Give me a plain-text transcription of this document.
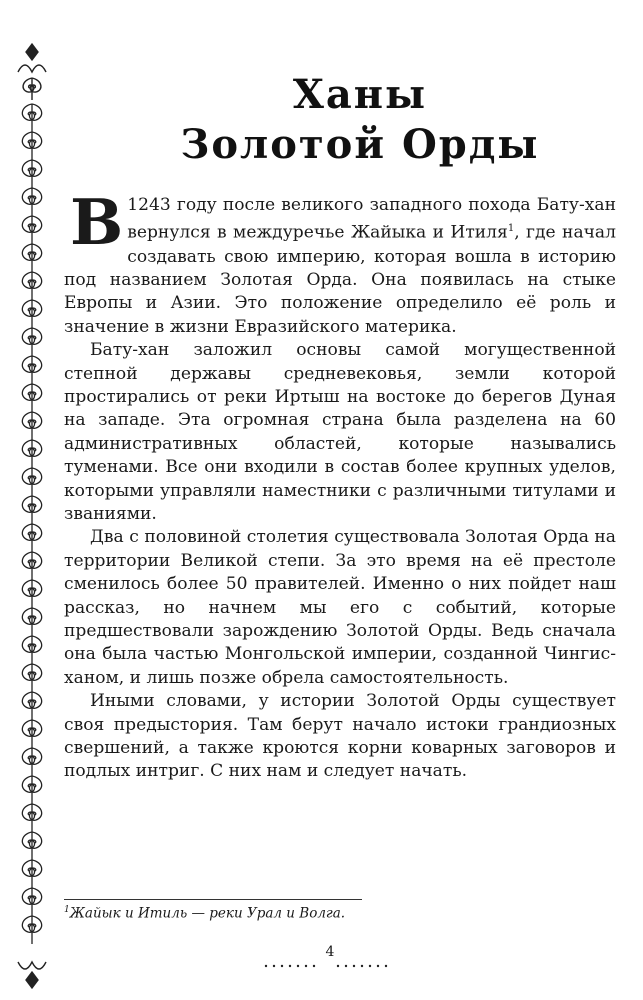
Ханы
Золотой Орды

В 1243 году после великого западного похода Бату-хан вернулся в междуречье Жайыка и Итиля$^1$, где начал создавать свою империю, которая вошла в историю под названием Золотая Орда. Она появилась на стыке Европы и Азии. Это положение определило её роль и значение в жизни Евразийского материка.

Бату-хан заложил основы самой могущественной степной державы средневековья, земли которой простирались от реки Иртыш на востоке до берегов Дуная на западе. Эта огромная страна была разделена на 60 административных областей, которые назывались туменами. Все они входили в состав более крупных уделов, которыми управляли наместники с различными титулами и званиями.

Два с половиной столетия существовала Золотая Орда на территории Великой степи. За это время на её престоле сменилось более 50 правителей. Именно о них пойдет наш рассказ, но начнем мы его с событий, которые предшествовали зарождению Золотой Орды. Ведь сначала она была частью Монгольской империи, созданной Чингис-ханом, и лишь позже обрела самостоятельность.

Иными словами, у истории Золотой Орды существует своя предыстория. Там берут начало истоки грандиозных свершений, а также кроются корни коварных заговоров и подлых интриг. С них нам и следует начать.

$^1$Жайык и Итиль — реки Урал и Волга.
4
